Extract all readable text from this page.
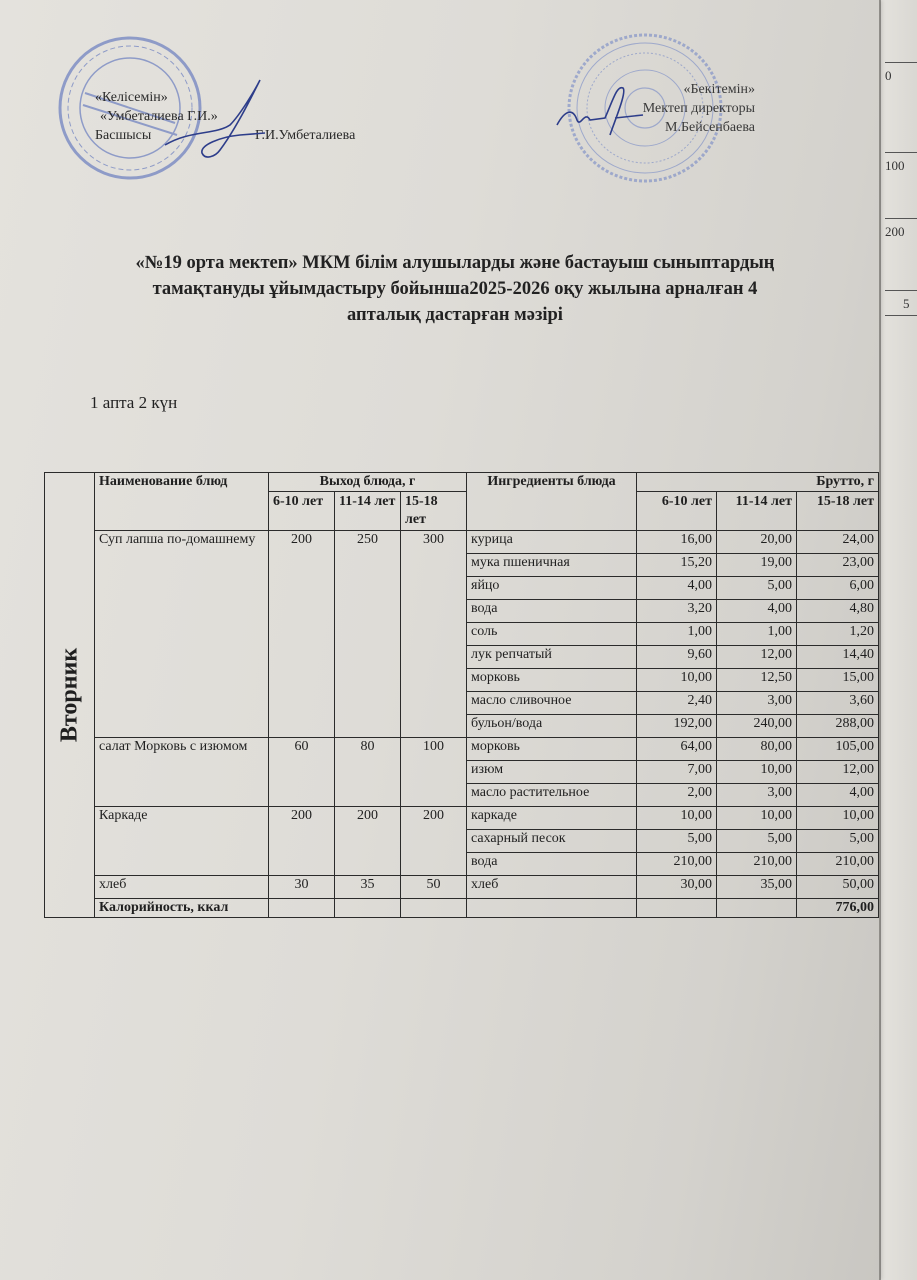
0
100
200
5
«Келісемін»
«Умбеталиева Г.И.»
Басшысы	Г.И.Умбеталиева
«Бекітемін»
Мектеп директоры
М.Бейсенбаева
«№19 орта мектеп» МКМ білім алушыларды және бастауыш сыныптардың
тамақтануды ұйымдастыру бойынша2025-2026 оқу жылына арналған 4
апталық дастарған мәзірі
1 апта 2 күн
Вторник	Наименование блюд	Выход блюда, г			Ингредиенты блюда	Брутто, г		
		6-10 лет	11-14 лет	15-18 лет		6-10 лет	11-14 лет	15-18 лет
	Суп лапша по-домашнему	200	250	300	курица	16,00	20,00	24,00
					мука пшеничная	15,20	19,00	23,00
					яйцо	4,00	5,00	6,00
					вода	3,20	4,00	4,80
					соль	1,00	1,00	1,20
					лук репчатый	9,60	12,00	14,40
					морковь	10,00	12,50	15,00
					масло сливочное	2,40	3,00	3,60
					бульон/вода	192,00	240,00	288,00
	салат Морковь с изюмом	60	80	100	морковь	64,00	80,00	105,00
					изюм	7,00	10,00	12,00
					масло растительное	2,00	3,00	4,00
	Каркаде	200	200	200	каркаде	10,00	10,00	10,00
					сахарный песок	5,00	5,00	5,00
					вода	210,00	210,00	210,00
	хлеб	30	35	50	хлеб	30,00	35,00	50,00
	Калорийность, ккал							776,00
